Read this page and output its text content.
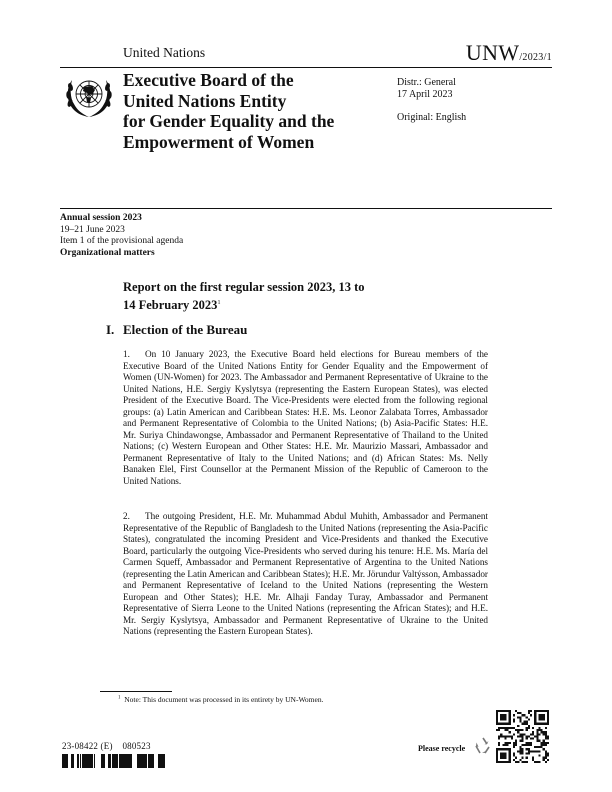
United Nations	UNW/2023/1
Executive Board of the
United Nations Entity
for Gender Equality and the
Empowerment of Women
Distr.: General
17 April 2023
Original: English
Annual session 2023
19–21 June 2023
Item 1 of the provisional agenda
Organizational matters
Report on the first regular session 2023, 13 to
14 February 2023$^1$
I. Election of the Bureau
1. On 10 January 2023, the Executive Board held elections for Bureau members of the Executive Board of the United Nations Entity for Gender Equality and the Empowerment of Women (UN-Women) for 2023. The Ambassador and Permanent Representative of Ukraine to the United Nations, H.E. Sergiy Kyslytsya (representing the Eastern European States), was elected President of the Executive Board. The Vice-Presidents were elected from the following regional groups: (a) Latin American and Caribbean States: H.E. Ms. Leonor Zalabata Torres, Ambassador and Permanent Representative of Colombia to the United Nations; (b) Asia-Pacific States: H.E. Mr. Suriya Chindawongse, Ambassador and Permanent Representative of Thailand to the United Nations; (c) Western European and Other States: H.E. Mr. Maurizio Massari, Ambassador and Permanent Representative of Italy to the United Nations; and (d) African States: Ms. Nelly Banaken Elel, First Counsellor at the Permanent Mission of the Republic of Cameroon to the United Nations.
2. The outgoing President, H.E. Mr. Muhammad Abdul Muhith, Ambassador and Permanent Representative of the Republic of Bangladesh to the United Nations (representing the Asia-Pacific States), congratulated the incoming President and Vice-Presidents and thanked the Executive Board, particularly the outgoing Vice-Presidents who served during his tenure: H.E. Ms. María del Carmen Squeff, Ambassador and Permanent Representative of Argentina to the United Nations (representing the Latin American and Caribbean States); H.E. Mr. Jörundur Valtýsson, Ambassador and Permanent Representative of Iceland to the United Nations (representing the Western European and Other States); H.E. Mr. Alhaji Fanday Turay, Ambassador and Permanent Representative of Sierra Leone to the United Nations (representing the African States); and H.E. Mr. Sergiy Kyslytsya, Ambassador and Permanent Representative of Ukraine to the United Nations (representing the Eastern European States).
$^1$ Note: This document was processed in its entirety by UN-Women.
23-08422 (E)    080523	Please recycle
